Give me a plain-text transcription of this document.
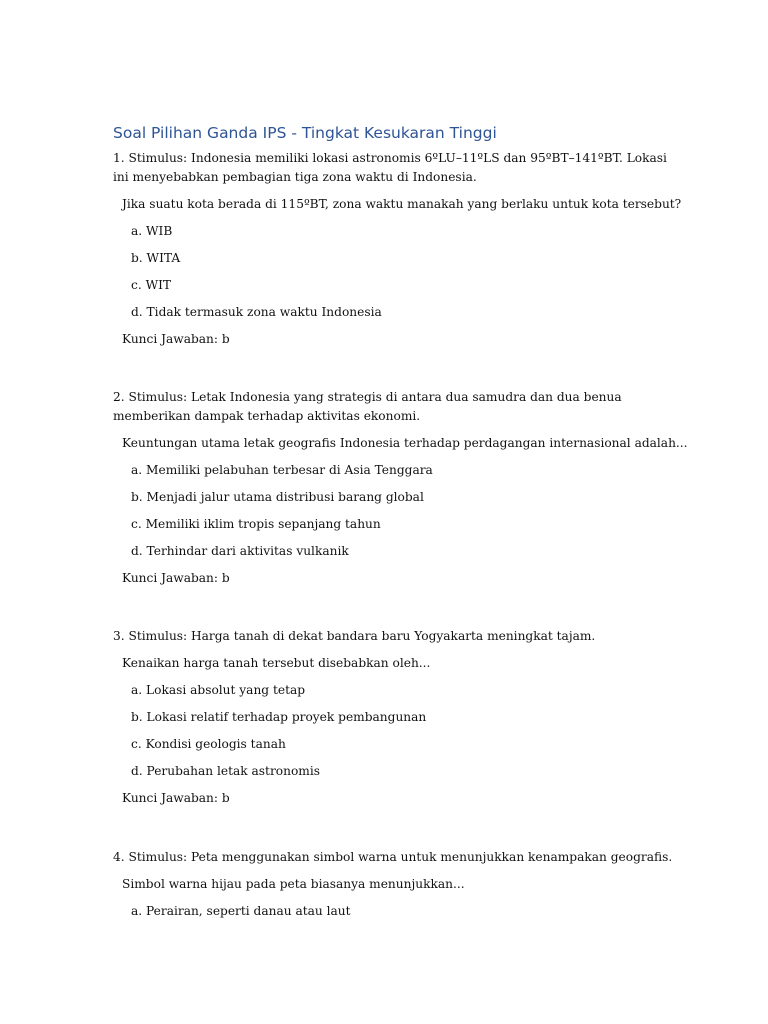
Soal Pilihan Ganda IPS - Tingkat Kesukaran Tinggi
1. Stimulus: Indonesia memiliki lokasi astronomis 6ºLU–11ºLS dan 95ºBT–141ºBT. Lokasi
ini menyebabkan pembagian tiga zona waktu di Indonesia.
Jika suatu kota berada di 115ºBT, zona waktu manakah yang berlaku untuk kota tersebut?
a. WIB
b. WITA
c. WIT
d. Tidak termasuk zona waktu Indonesia
Kunci Jawaban: b
2. Stimulus: Letak Indonesia yang strategis di antara dua samudra dan dua benua
memberikan dampak terhadap aktivitas ekonomi.
Keuntungan utama letak geografis Indonesia terhadap perdagangan internasional adalah...
a. Memiliki pelabuhan terbesar di Asia Tenggara
b. Menjadi jalur utama distribusi barang global
c. Memiliki iklim tropis sepanjang tahun
d. Terhindar dari aktivitas vulkanik
Kunci Jawaban: b
3. Stimulus: Harga tanah di dekat bandara baru Yogyakarta meningkat tajam.
Kenaikan harga tanah tersebut disebabkan oleh...
a. Lokasi absolut yang tetap
b. Lokasi relatif terhadap proyek pembangunan
c. Kondisi geologis tanah
d. Perubahan letak astronomis
Kunci Jawaban: b
4. Stimulus: Peta menggunakan simbol warna untuk menunjukkan kenampakan geografis.
Simbol warna hijau pada peta biasanya menunjukkan...
a. Perairan, seperti danau atau laut
